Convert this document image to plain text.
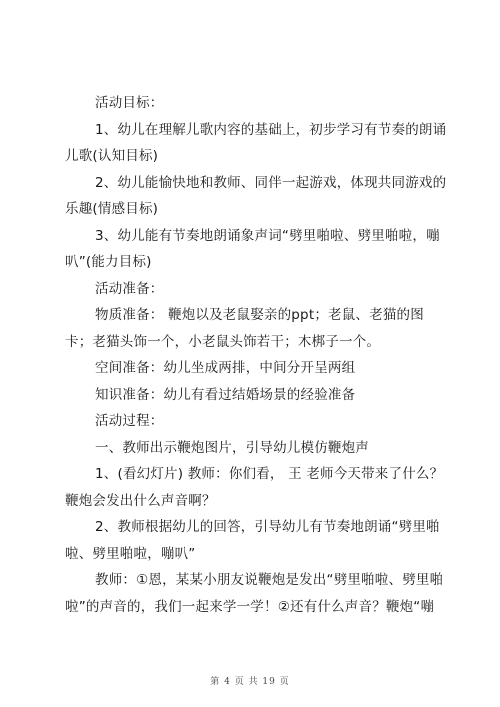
活动目标：
1、幼儿在理解儿歌内容的基础上，初步学习有节奏的朗诵
儿歌(认知目标)
2、幼儿能愉快地和教师、同伴一起游戏，体现共同游戏的
乐趣(情感目标)
3、幼儿能有节奏地朗诵象声词“劈里啪啦、劈里啪啦，嘣
叭”(能力目标)
活动准备：
物质准备： 鞭炮以及老鼠娶亲的ppt；老鼠、老猫的图
卡；老猫头饰一个，小老鼠头饰若干；木梆子一个。
空间准备：幼儿坐成两排，中间分开呈两组
知识准备：幼儿有看过结婚场景的经验准备
活动过程：
一、教师出示鞭炮图片，引导幼儿模仿鞭炮声
1、(看幻灯片) 教师：你们看， 王 老师今天带来了什么？
鞭炮会发出什么声音啊？
2、教师根据幼儿的回答，引导幼儿有节奏地朗诵“劈里啪
啦、劈里啪啦，嘣叭”
教师：①恩，某某小朋友说鞭炮是发出“劈里啪啦、劈里啪
啦”的声音的，我们一起来学一学！②还有什么声音？鞭炮“嘣
第 4 页 共 19 页
